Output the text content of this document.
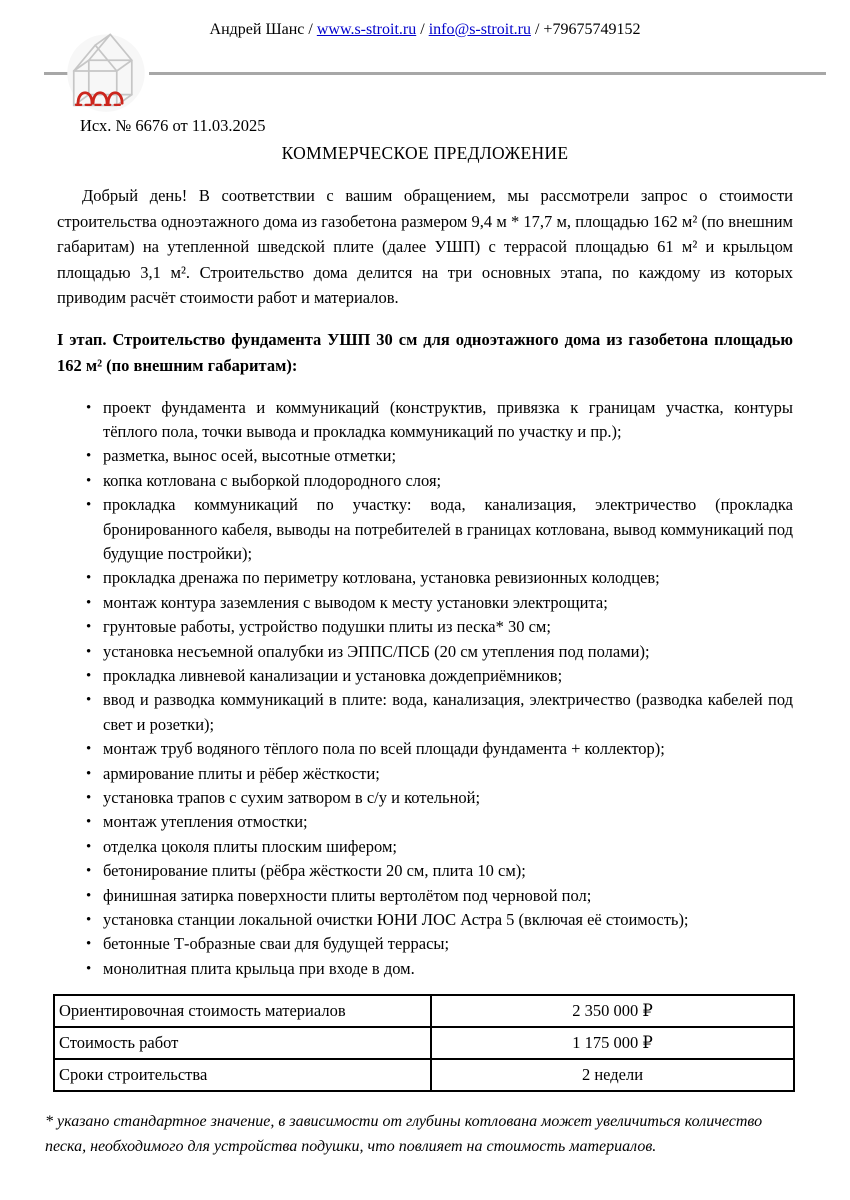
Андрей Шанс / www.s-stroit.ru / info@s-stroit.ru / +79675749152
Исх. № 6676 от 11.03.2025
КОММЕРЧЕСКОЕ ПРЕДЛОЖЕНИЕ

Добрый день! В соответствии с вашим обращением, мы рассмотрели запрос о стоимости строительства одноэтажного дома из газобетона размером 9,4 м * 17,7 м, площадью 162 м² (по внешним габаритам) на утепленной шведской плите (далее УШП) с террасой площадью 61 м² и крыльцом площадью 3,1 м². Строительство дома делится на три основных этапа, по каждому из которых приводим расчёт стоимости работ и материалов.

I этап. Строительство фундамента УШП 30 см для одноэтажного дома из газобетона площадью 162 м² (по внешним габаритам):

• проект фундамента и коммуникаций (конструктив, привязка к границам участка, контуры тёплого пола, точки вывода и прокладка коммуникаций по участку и пр.);
• разметка, вынос осей, высотные отметки;
• копка котлована с выборкой плодородного слоя;
• прокладка коммуникаций по участку: вода, канализация, электричество (прокладка бронированного кабеля, выводы на потребителей в границах котлована, вывод коммуникаций под будущие постройки);
• прокладка дренажа по периметру котлована, установка ревизионных колодцев;
• монтаж контура заземления с выводом к месту установки электрощита;
• грунтовые работы, устройство подушки плиты из песка* 30 см;
• установка несъемной опалубки из ЭППС/ПСБ (20 см утепления под полами);
• прокладка ливневой канализации и установка дождеприёмников;
• ввод и разводка коммуникаций в плите: вода, канализация, электричество (разводка кабелей под свет и розетки);
• монтаж труб водяного тёплого пола по всей площади фундамента + коллектор);
• армирование плиты и рёбер жёсткости;
• установка трапов с сухим затвором в с/у и котельной;
• монтаж утепления отмостки;
• отделка цоколя плиты плоским шифером;
• бетонирование плиты (рёбра жёсткости 20 см, плита 10 см);
• финишная затирка поверхности плиты вертолётом под черновой пол;
• установка станции локальной очистки ЮНИ ЛОС Астра 5 (включая её стоимость);
• бетонные Т-образные сваи для будущей террасы;
• монолитная плита крыльца при входе в дом.
Ориентировочная стоимость материалов	2 350 000 ₽
Стоимость работ	1 175 000 ₽
Сроки строительства	2 недели

* указано стандартное значение, в зависимости от глубины котлована может увеличиться количество песка, необходимого для устройства подушки, что повлияет на стоимость материалов.
